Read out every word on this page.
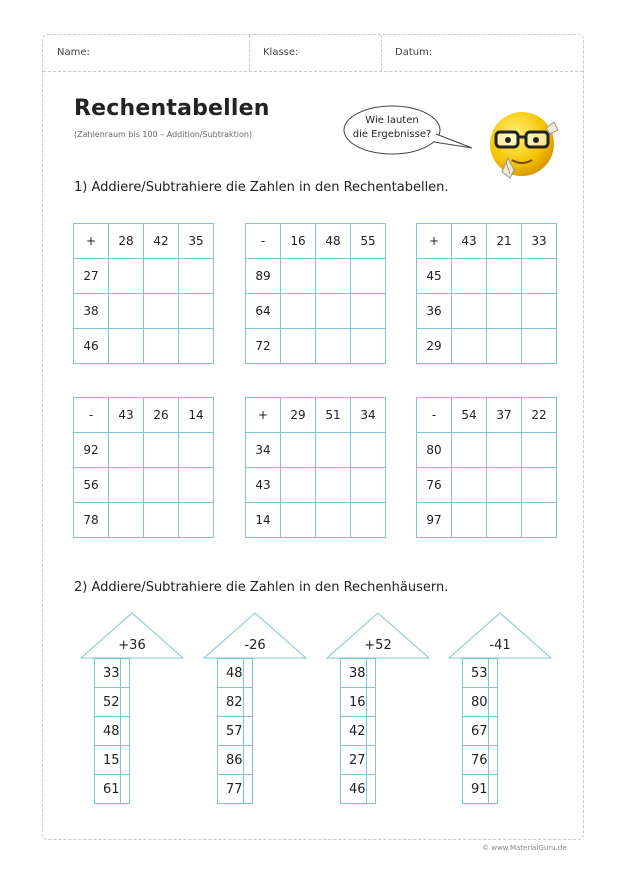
Name:	Klasse:	Datum:
Rechentabellen
(Zahlenraum bis 100 – Addition/Subtraktion)
Wie lauten
die Ergebnisse?
1) Addiere/Subtrahiere die Zahlen in den Rechentabellen.
+	28	42	35
27			
38			
46			
-	16	48	55
89			
64			
72			
+	43	21	33
45			
36			
29			
-	43	26	14
92			
56			
78			
+	29	51	34
34			
43			
14			
-	54	37	22
80			
76			
97			
2) Addiere/Subtrahiere die Zahlen in den Rechenhäusern.
+36
33	
52	
48	
15	
61	
-26
48	
82	
57	
86	
77	
+52
38	
16	
42	
27	
46	
-41
53	
80	
67	
76	
91	
© www.MaterialGuru.de
